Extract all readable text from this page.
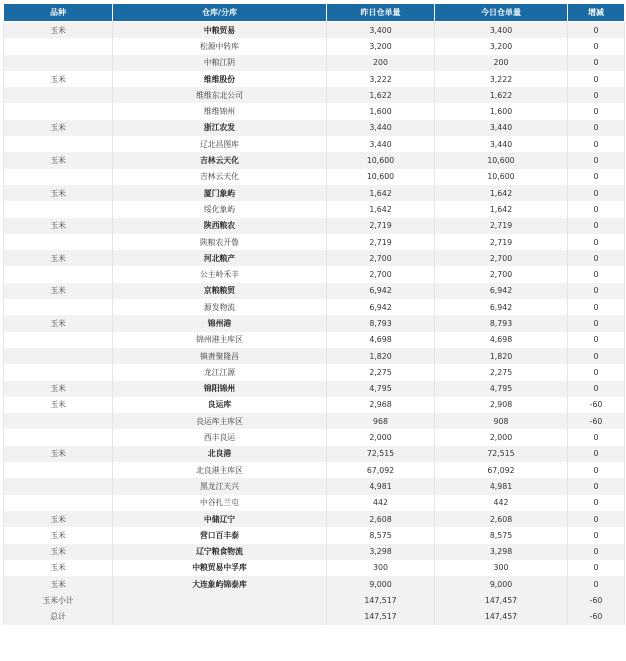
品种	仓库/分库	昨日仓单量	今日仓单量	增减
玉米	中粮贸易	3,400	3,400	0
	松源中转库	3,200	3,200	0
	中粮江阴	200	200	0
玉米	维维股份	3,222	3,222	0
	维维东北公司	1,622	1,622	0
	维维锦州	1,600	1,600	0
玉米	浙江农发	3,440	3,440	0
	辽北昌图库	3,440	3,440	0
玉米	吉林云天化	10,600	10,600	0
	吉林云天化	10,600	10,600	0
玉米	厦门象屿	1,642	1,642	0
	绥化象屿	1,642	1,642	0
玉米	陕西粮农	2,719	2,719	0
	陕粮农开鲁	2,719	2,719	0
玉米	河北粮产	2,700	2,700	0
	公主岭禾丰	2,700	2,700	0
玉米	京粮粮贸	6,942	6,942	0
	源发物流	6,942	6,942	0
玉米	锦州港	8,793	8,793	0
	锦州港主库区	4,698	4,698	0
	镇赉聚隆昌	1,820	1,820	0
	龙江江源	2,275	2,275	0
玉米	锦阳锦州	4,795	4,795	0
玉米	良运库	2,968	2,908	-60
	良运库主库区	968	908	-60
	西丰良运	2,000	2,000	0
玉米	北良港	72,515	72,515	0
	北良港主库区	67,092	67,092	0
	黑龙江天兴	4,981	4,981	0
	中谷扎兰屯	442	442	0
玉米	中储辽宁	2,608	2,608	0
玉米	营口百丰泰	8,575	8,575	0
玉米	辽宁粮食物流	3,298	3,298	0
玉米	中粮贸易中孚库	300	300	0
玉米	大连象屿锦泰库	9,000	9,000	0
玉米小计		147,517	147,457	-60
总计		147,517	147,457	-60
